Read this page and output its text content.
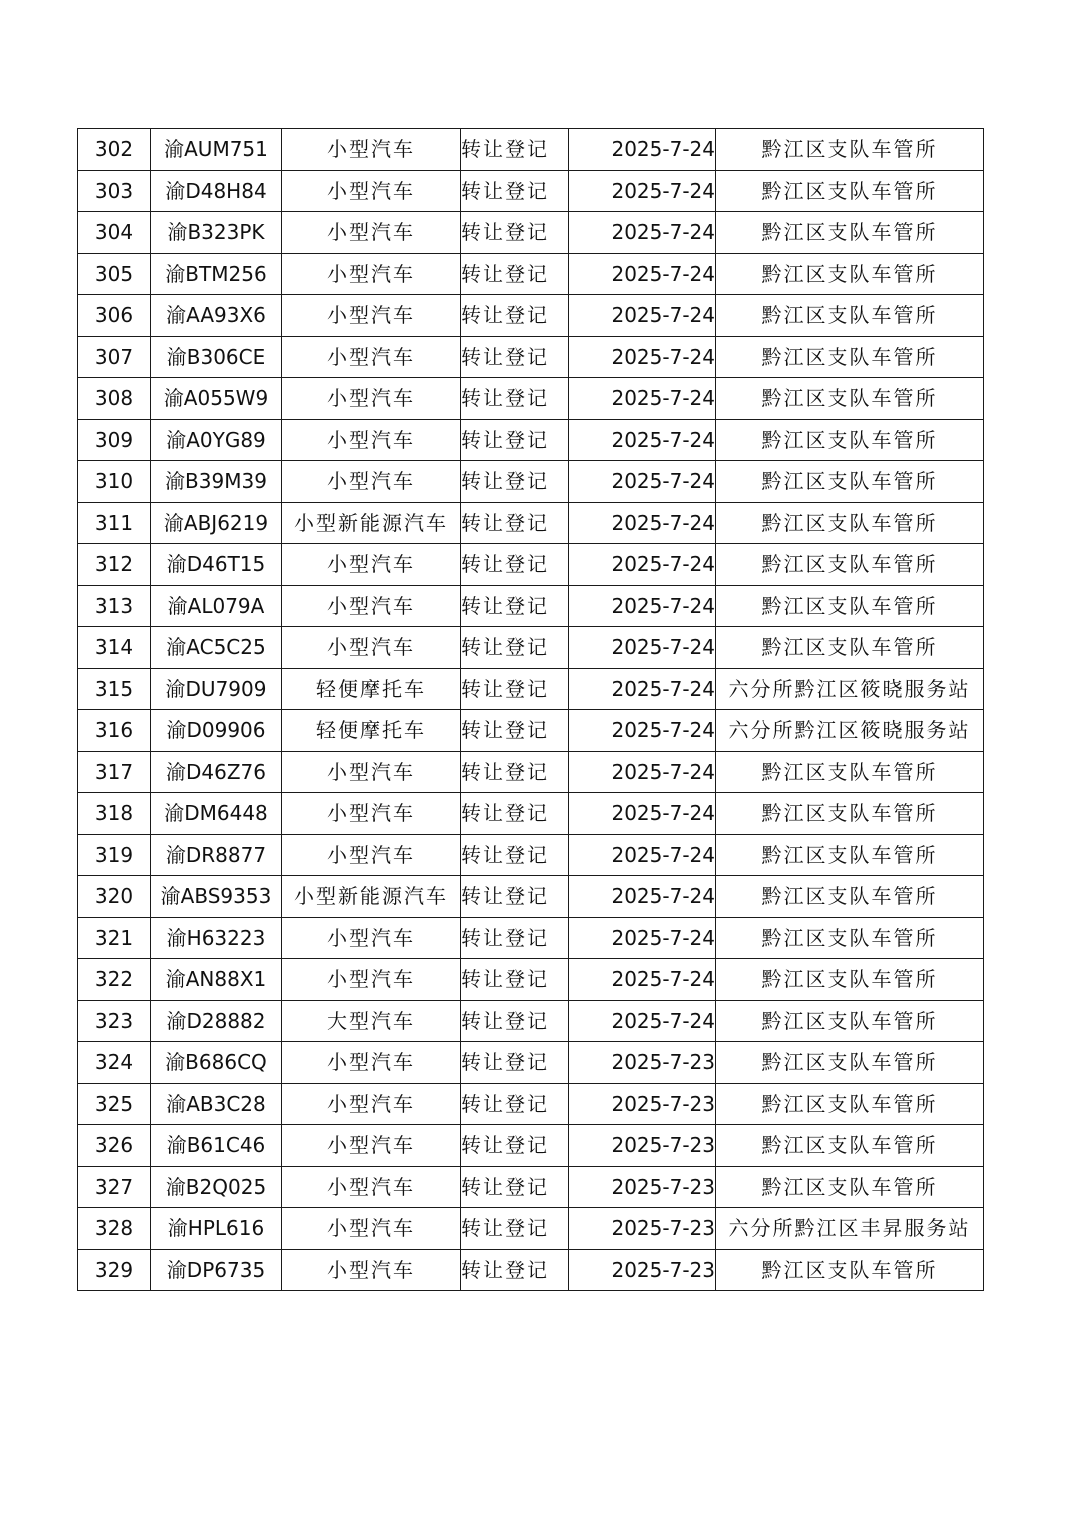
302	渝AUM751	小型汽车	转让登记	2025-7-24	黔江区支队车管所
303	渝D48H84	小型汽车	转让登记	2025-7-24	黔江区支队车管所
304	渝B323PK	小型汽车	转让登记	2025-7-24	黔江区支队车管所
305	渝BTM256	小型汽车	转让登记	2025-7-24	黔江区支队车管所
306	渝AA93X6	小型汽车	转让登记	2025-7-24	黔江区支队车管所
307	渝B306CE	小型汽车	转让登记	2025-7-24	黔江区支队车管所
308	渝A055W9	小型汽车	转让登记	2025-7-24	黔江区支队车管所
309	渝A0YG89	小型汽车	转让登记	2025-7-24	黔江区支队车管所
310	渝B39M39	小型汽车	转让登记	2025-7-24	黔江区支队车管所
311	渝ABJ6219	小型新能源汽车	转让登记	2025-7-24	黔江区支队车管所
312	渝D46T15	小型汽车	转让登记	2025-7-24	黔江区支队车管所
313	渝AL079A	小型汽车	转让登记	2025-7-24	黔江区支队车管所
314	渝AC5C25	小型汽车	转让登记	2025-7-24	黔江区支队车管所
315	渝DU7909	轻便摩托车	转让登记	2025-7-24	六分所黔江区筱晓服务站
316	渝D09906	轻便摩托车	转让登记	2025-7-24	六分所黔江区筱晓服务站
317	渝D46Z76	小型汽车	转让登记	2025-7-24	黔江区支队车管所
318	渝DM6448	小型汽车	转让登记	2025-7-24	黔江区支队车管所
319	渝DR8877	小型汽车	转让登记	2025-7-24	黔江区支队车管所
320	渝ABS9353	小型新能源汽车	转让登记	2025-7-24	黔江区支队车管所
321	渝H63223	小型汽车	转让登记	2025-7-24	黔江区支队车管所
322	渝AN88X1	小型汽车	转让登记	2025-7-24	黔江区支队车管所
323	渝D28882	大型汽车	转让登记	2025-7-24	黔江区支队车管所
324	渝B686CQ	小型汽车	转让登记	2025-7-23	黔江区支队车管所
325	渝AB3C28	小型汽车	转让登记	2025-7-23	黔江区支队车管所
326	渝B61C46	小型汽车	转让登记	2025-7-23	黔江区支队车管所
327	渝B2Q025	小型汽车	转让登记	2025-7-23	黔江区支队车管所
328	渝HPL616	小型汽车	转让登记	2025-7-23	六分所黔江区丰昇服务站
329	渝DP6735	小型汽车	转让登记	2025-7-23	黔江区支队车管所
